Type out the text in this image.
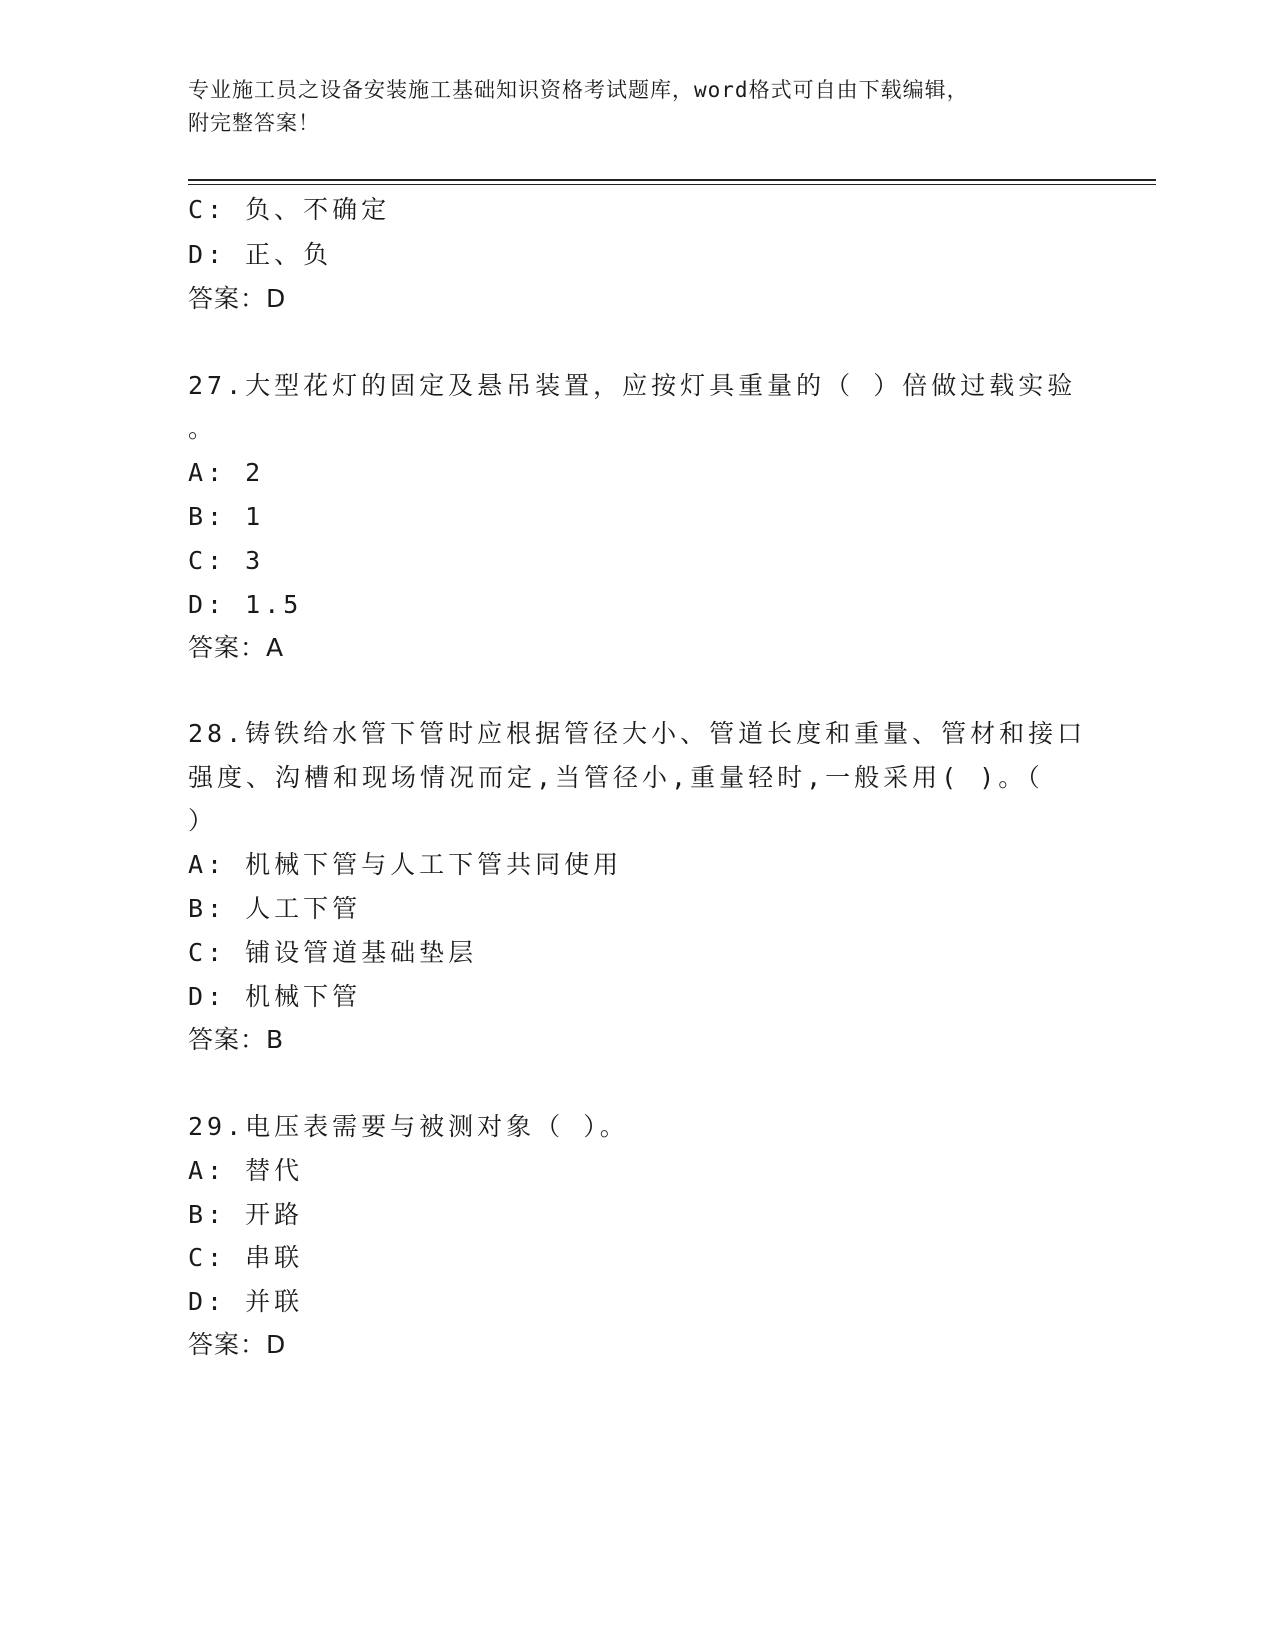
专业施工员之设备安装施工基础知识资格考试题库，word格式可自由下载编辑，
附完整答案！
C: 负、不确定
D: 正、负
答案：D
27.大型花灯的固定及悬吊装置，应按灯具重量的（ ）倍做过载实验
。
A: 2
B: 1
C: 3
D: 1.5
答案：A
28.铸铁给水管下管时应根据管径大小、管道长度和重量、管材和接口
强度、沟槽和现场情况而定,当管径小,重量轻时,一般采用( )。（
）
A: 机械下管与人工下管共同使用
B: 人工下管
C: 铺设管道基础垫层
D: 机械下管
答案：B
29.电压表需要与被测对象（ ）。
A: 替代
B: 开路
C: 串联
D: 并联
答案：D
